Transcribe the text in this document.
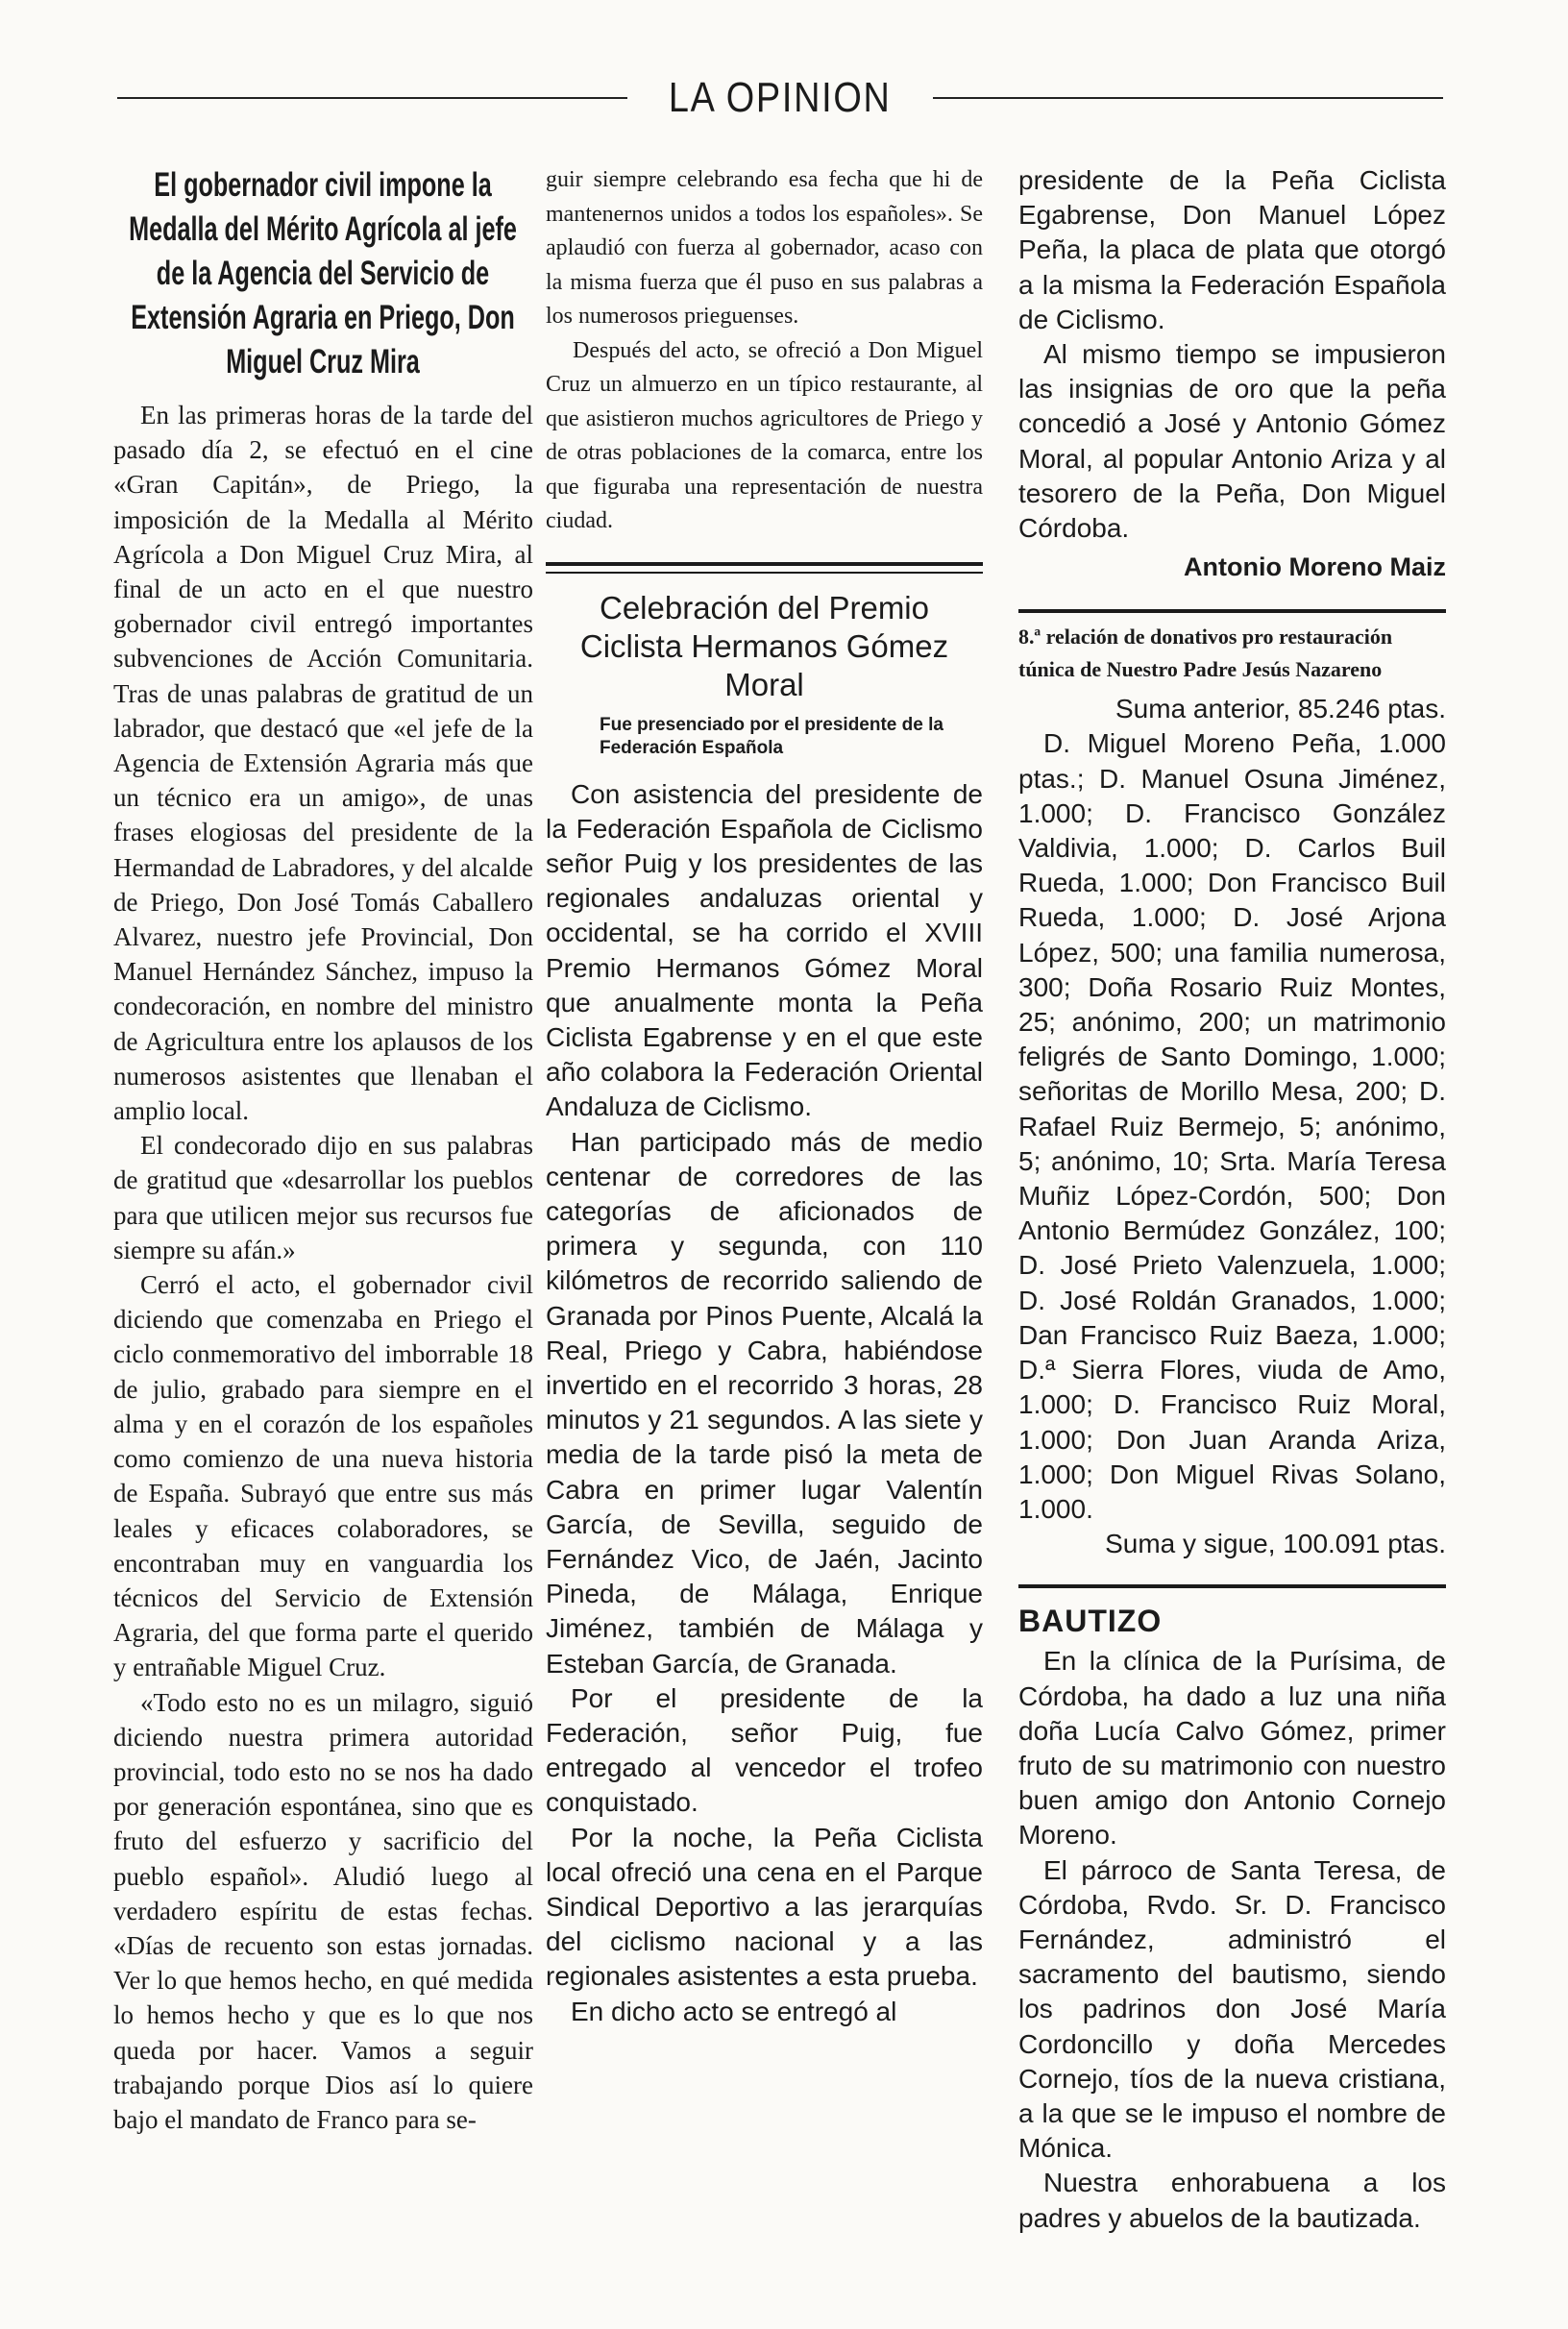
LA OPINION
El gobernador civil impone la Medalla del Mérito Agrícola al jefe de la Agencia del Servicio de Extensión Agraria en Priego, Don Miguel Cruz Mira

En las primeras horas de la tarde del pasado día 2, se efectuó en el cine «Gran Capitán», de Priego, la imposición de la Medalla al Mérito Agrícola a Don Miguel Cruz Mira, al final de un acto en el que nuestro gobernador civil entregó importantes subvenciones de Acción Comunitaria. Tras de unas palabras de gratitud de un labrador, que destacó que «el jefe de la Agencia de Extensión Agraria más que un técnico era un amigo», de unas frases elogiosas del presidente de la Hermandad de Labradores, y del alcalde de Priego, Don José Tomás Caballero Alvarez, nuestro jefe Provincial, Don Manuel Hernández Sánchez, impuso la condecoración, en nombre del ministro de Agricultura entre los aplausos de los numerosos asistentes que llenaban el amplio local.

El condecorado dijo en sus palabras de gratitud que «desarrollar los pueblos para que utilicen mejor sus recursos fue siempre su afán.»

Cerró el acto, el gobernador civil diciendo que comenzaba en Priego el ciclo conmemorativo del imborrable 18 de julio, grabado para siempre en el alma y en el corazón de los españoles como comienzo de una nueva historia de España. Subrayó que entre sus más leales y eficaces colaboradores, se encontraban muy en vanguardia los técnicos del Servicio de Extensión Agraria, del que forma parte el querido y entrañable Miguel Cruz.

«Todo esto no es un milagro, siguió diciendo nuestra primera autoridad provincial, todo esto no se nos ha dado por generación espontánea, sino que es fruto del esfuerzo y sacrificio del pueblo español». Aludió luego al verdadero espíritu de estas fechas. «Días de recuento son estas jornadas. Ver lo que hemos hecho, en qué medida lo hemos hecho y que es lo que nos queda por hacer. Vamos a seguir trabajando porque Dios así lo quiere bajo el mandato de Franco para se-

guir siempre celebrando esa fecha que hi de mantenernos unidos a todos los españoles». Se aplaudió con fuerza al gobernador, acaso con la misma fuerza que él puso en sus palabras a los numerosos prieguenses.

Después del acto, se ofreció a Don Miguel Cruz un almuerzo en un típico restaurante, al que asistieron muchos agricultores de Priego y de otras poblaciones de la comarca, entre los que figuraba una representación de nuestra ciudad.

Celebración del Premio Ciclista Hermanos Gómez Moral
Fue presenciado por el presidente de la Federación Española

Con asistencia del presidente de la Federación Española de Ciclismo señor Puig y los presidentes de las regionales andaluzas oriental y occidental, se ha corrido el XVIII Premio Hermanos Gómez Moral que anualmente monta la Peña Ciclista Egabrense y en el que este año colabora la Federación Oriental Andaluza de Ciclismo.

Han participado más de medio centenar de corredores de las categorías de aficionados de primera y segunda, con 110 kilómetros de recorrido saliendo de Granada por Pinos Puente, Alcalá la Real, Priego y Cabra, habiéndose invertido en el recorrido 3 horas, 28 minutos y 21 segundos. A las siete y media de la tarde pisó la meta de Cabra en primer lugar Valentín García, de Sevilla, seguido de Fernández Vico, de Jaén, Jacinto Pineda, de Málaga, Enrique Jiménez, también de Málaga y Esteban García, de Granada.

Por el presidente de la Federación, señor Puig, fue entregado al vencedor el trofeo conquistado.

Por la noche, la Peña Ciclista local ofreció una cena en el Parque Sindical Deportivo a las jerarquías del ciclismo nacional y a las regionales asistentes a esta prueba.

En dicho acto se entregó al

presidente de la Peña Ciclista Egabrense, Don Manuel López Peña, la placa de plata que otorgó a la misma la Federación Española de Ciclismo.

Al mismo tiempo se impusieron las insignias de oro que la peña concedió a José y Antonio Gómez Moral, al popular Antonio Ariza y al tesorero de la Peña, Don Miguel Córdoba.

Antonio Moreno Maiz
8.ª relación de donativos pro restauración túnica de Nuestro Padre Jesús Nazareno

Suma anterior, 85.246 ptas.

D. Miguel Moreno Peña, 1.000 ptas.; D. Manuel Osuna Jiménez, 1.000; D. Francisco González Valdivia, 1.000; D. Carlos Buil Rueda, 1.000; Don Francisco Buil Rueda, 1.000; D. José Arjona López, 500; una familia numerosa, 300; Doña Rosario Ruiz Montes, 25; anónimo, 200; un matrimonio feligrés de Santo Domingo, 1.000; señoritas de Morillo Mesa, 200; D. Rafael Ruiz Bermejo, 5; anónimo, 5; anónimo, 10; Srta. María Teresa Muñiz López-Cordón, 500; Don Antonio Bermúdez González, 100; D. José Prieto Valenzuela, 1.000; D. José Roldán Granados, 1.000; Dan Francisco Ruiz Baeza, 1.000; D.ª Sierra Flores, viuda de Amo, 1.000; D. Francisco Ruiz Moral, 1.000; Don Juan Aranda Ariza, 1.000; Don Miguel Rivas Solano, 1.000.

Suma y sigue, 100.091 ptas.

BAUTIZO

En la clínica de la Purísima, de Córdoba, ha dado a luz una niña doña Lucía Calvo Gómez, primer fruto de su matrimonio con nuestro buen amigo don Antonio Cornejo Moreno.

El párroco de Santa Teresa, de Córdoba, Rvdo. Sr. D. Francisco Fernández, administró el sacramento del bautismo, siendo los padrinos don José María Cordoncillo y doña Mercedes Cornejo, tíos de la nueva cristiana, a la que se le impuso el nombre de Mónica.

Nuestra enhorabuena a los padres y abuelos de la bautizada.
